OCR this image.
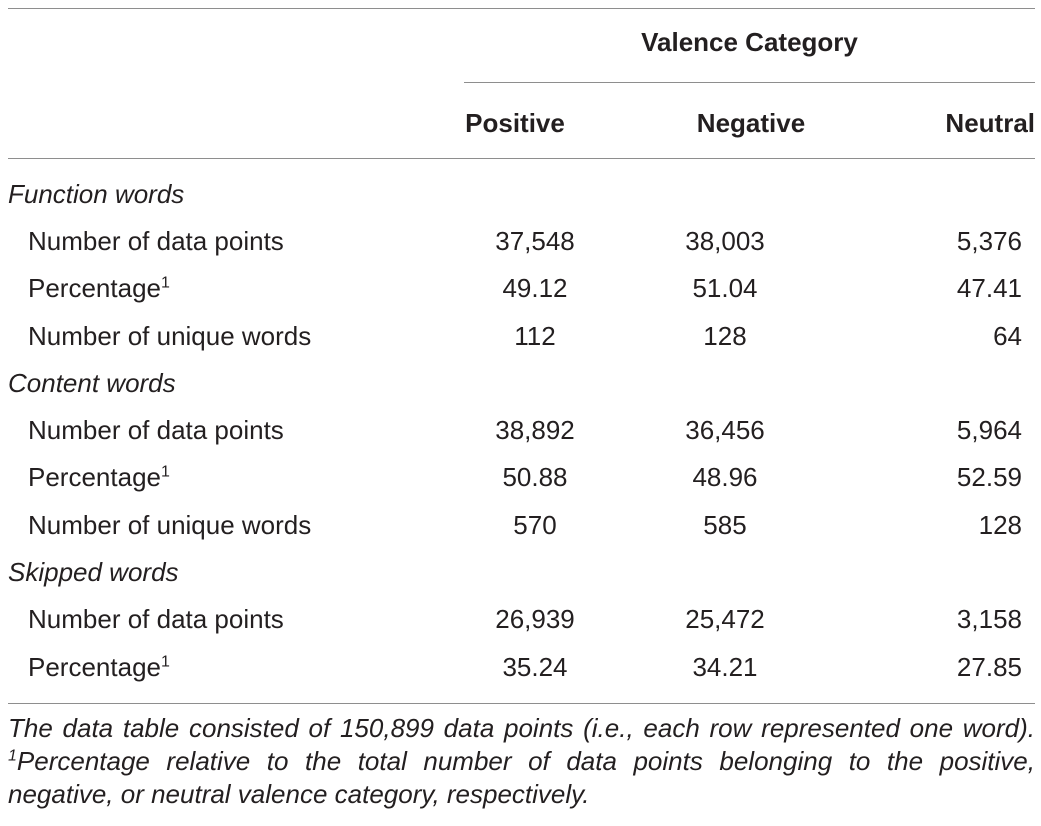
Valence Category
Positive	Negative	Neutral
Function words			
Number of data points	37,548	38,003	5,376
Percentage$^1$	49.12	51.04	47.41
Number of unique words	112	128	64
Content words			
Number of data points	38,892	36,456	5,964
Percentage$^1$	50.88	48.96	52.59
Number of unique words	570	585	128
Skipped words			
Number of data points	26,939	25,472	3,158
Percentage$^1$	35.24	34.21	27.85
The data table consisted of 150,899 data points (i.e., each row represented one word). $^1$Percentage relative to the total number of data points belonging to the positive, negative, or neutral valence category, respectively.
